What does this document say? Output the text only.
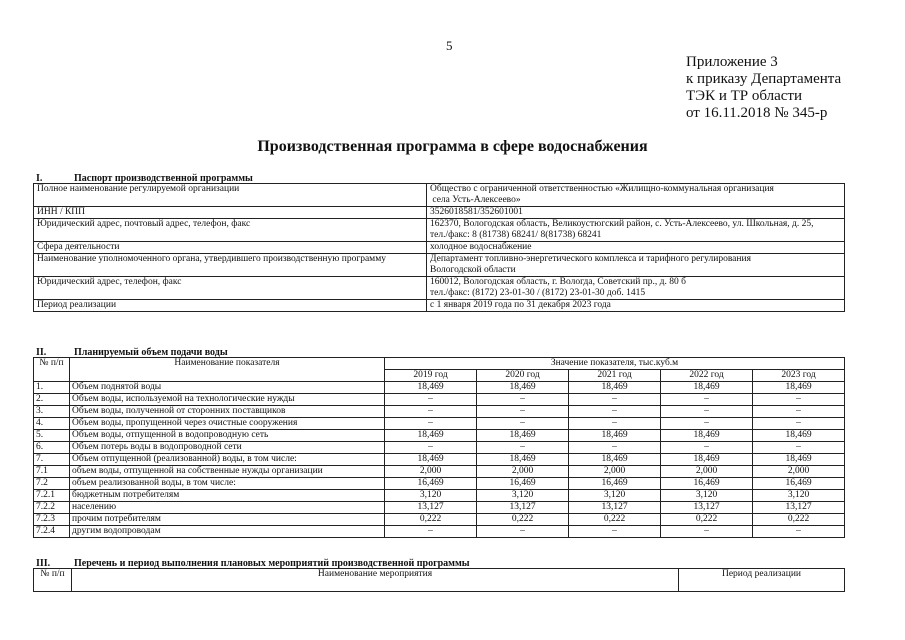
5
Приложение 3
к приказу Департамента
ТЭК и ТР области
от 16.11.2018 № 345-р
Производственная программа в сфере водоснабжения
I.	Паспорт производственной программы
Полное наименование регулируемой организации	Общество с ограниченной ответственностью «Жилищно-коммунальная организация
села Усть-Алексеево»

ИНН / КПП	3526018581/352601001

Юридический адрес, почтовый адрес, телефон, факс	162370, Вологодская область, Великоустюгский район, с. Усть-Алексеево, ул. Школьная, д. 25,
тел./факс: 8 (81738) 68241/ 8(81738) 68241

Сфера деятельности	холодное водоснабжение

Наименование уполномоченного органа, утвердившего производственную программу	Департамент топливно-энергетического комплекса и тарифного регулирования
Вологодской области

Юридический адрес, телефон, факс	160012, Вологодская область, г. Вологда, Советский пр., д. 80 б
тел./факс: (8172) 23-01-30 / (8172) 23-01-30 доб. 1415

Период реализации	с 1 января 2019 года по 31 декабря 2023 года
II.	Планируемый объем подачи воды
№ п/п	Наименование показателя	Значение показателя, тыс.куб.м				
		2019 год	2020 год	2021 год	2022 год	2023 год
1.	Объем поднятой воды	18,469	18,469	18,469	18,469	18,469
2.	Объем воды, используемой на технологические нужды	–	–	–	–	–
3.	Объем воды, полученной от сторонних поставщиков	–	–	–	–	–
4.	Объем воды, пропущенной через очистные сооружения	–	–	–	–	–
5.	Объем воды, отпущенной в водопроводную сеть	18,469	18,469	18,469	18,469	18,469
6.	Объем потерь воды в водопроводной сети	–	–	–	–	–
7.	Объем отпущенной (реализованной) воды, в том числе:	18,469	18,469	18,469	18,469	18,469
7.1	объем воды, отпущенной на собственные нужды организации	2,000	2,000	2,000	2,000	2,000
7.2	объем реализованной воды, в том числе:	16,469	16,469	16,469	16,469	16,469
7.2.1	бюджетным потребителям	3,120	3,120	3,120	3,120	3,120
7.2.2	населению	13,127	13,127	13,127	13,127	13,127
7.2.3	прочим потребителям	0,222	0,222	0,222	0,222	0,222
7.2.4	другим водопроводам	–	–	–	–	–
III. Перечень и период выполнения плановых мероприятий производственной программы
№ п/п	Наименование мероприятия	Период реализации
